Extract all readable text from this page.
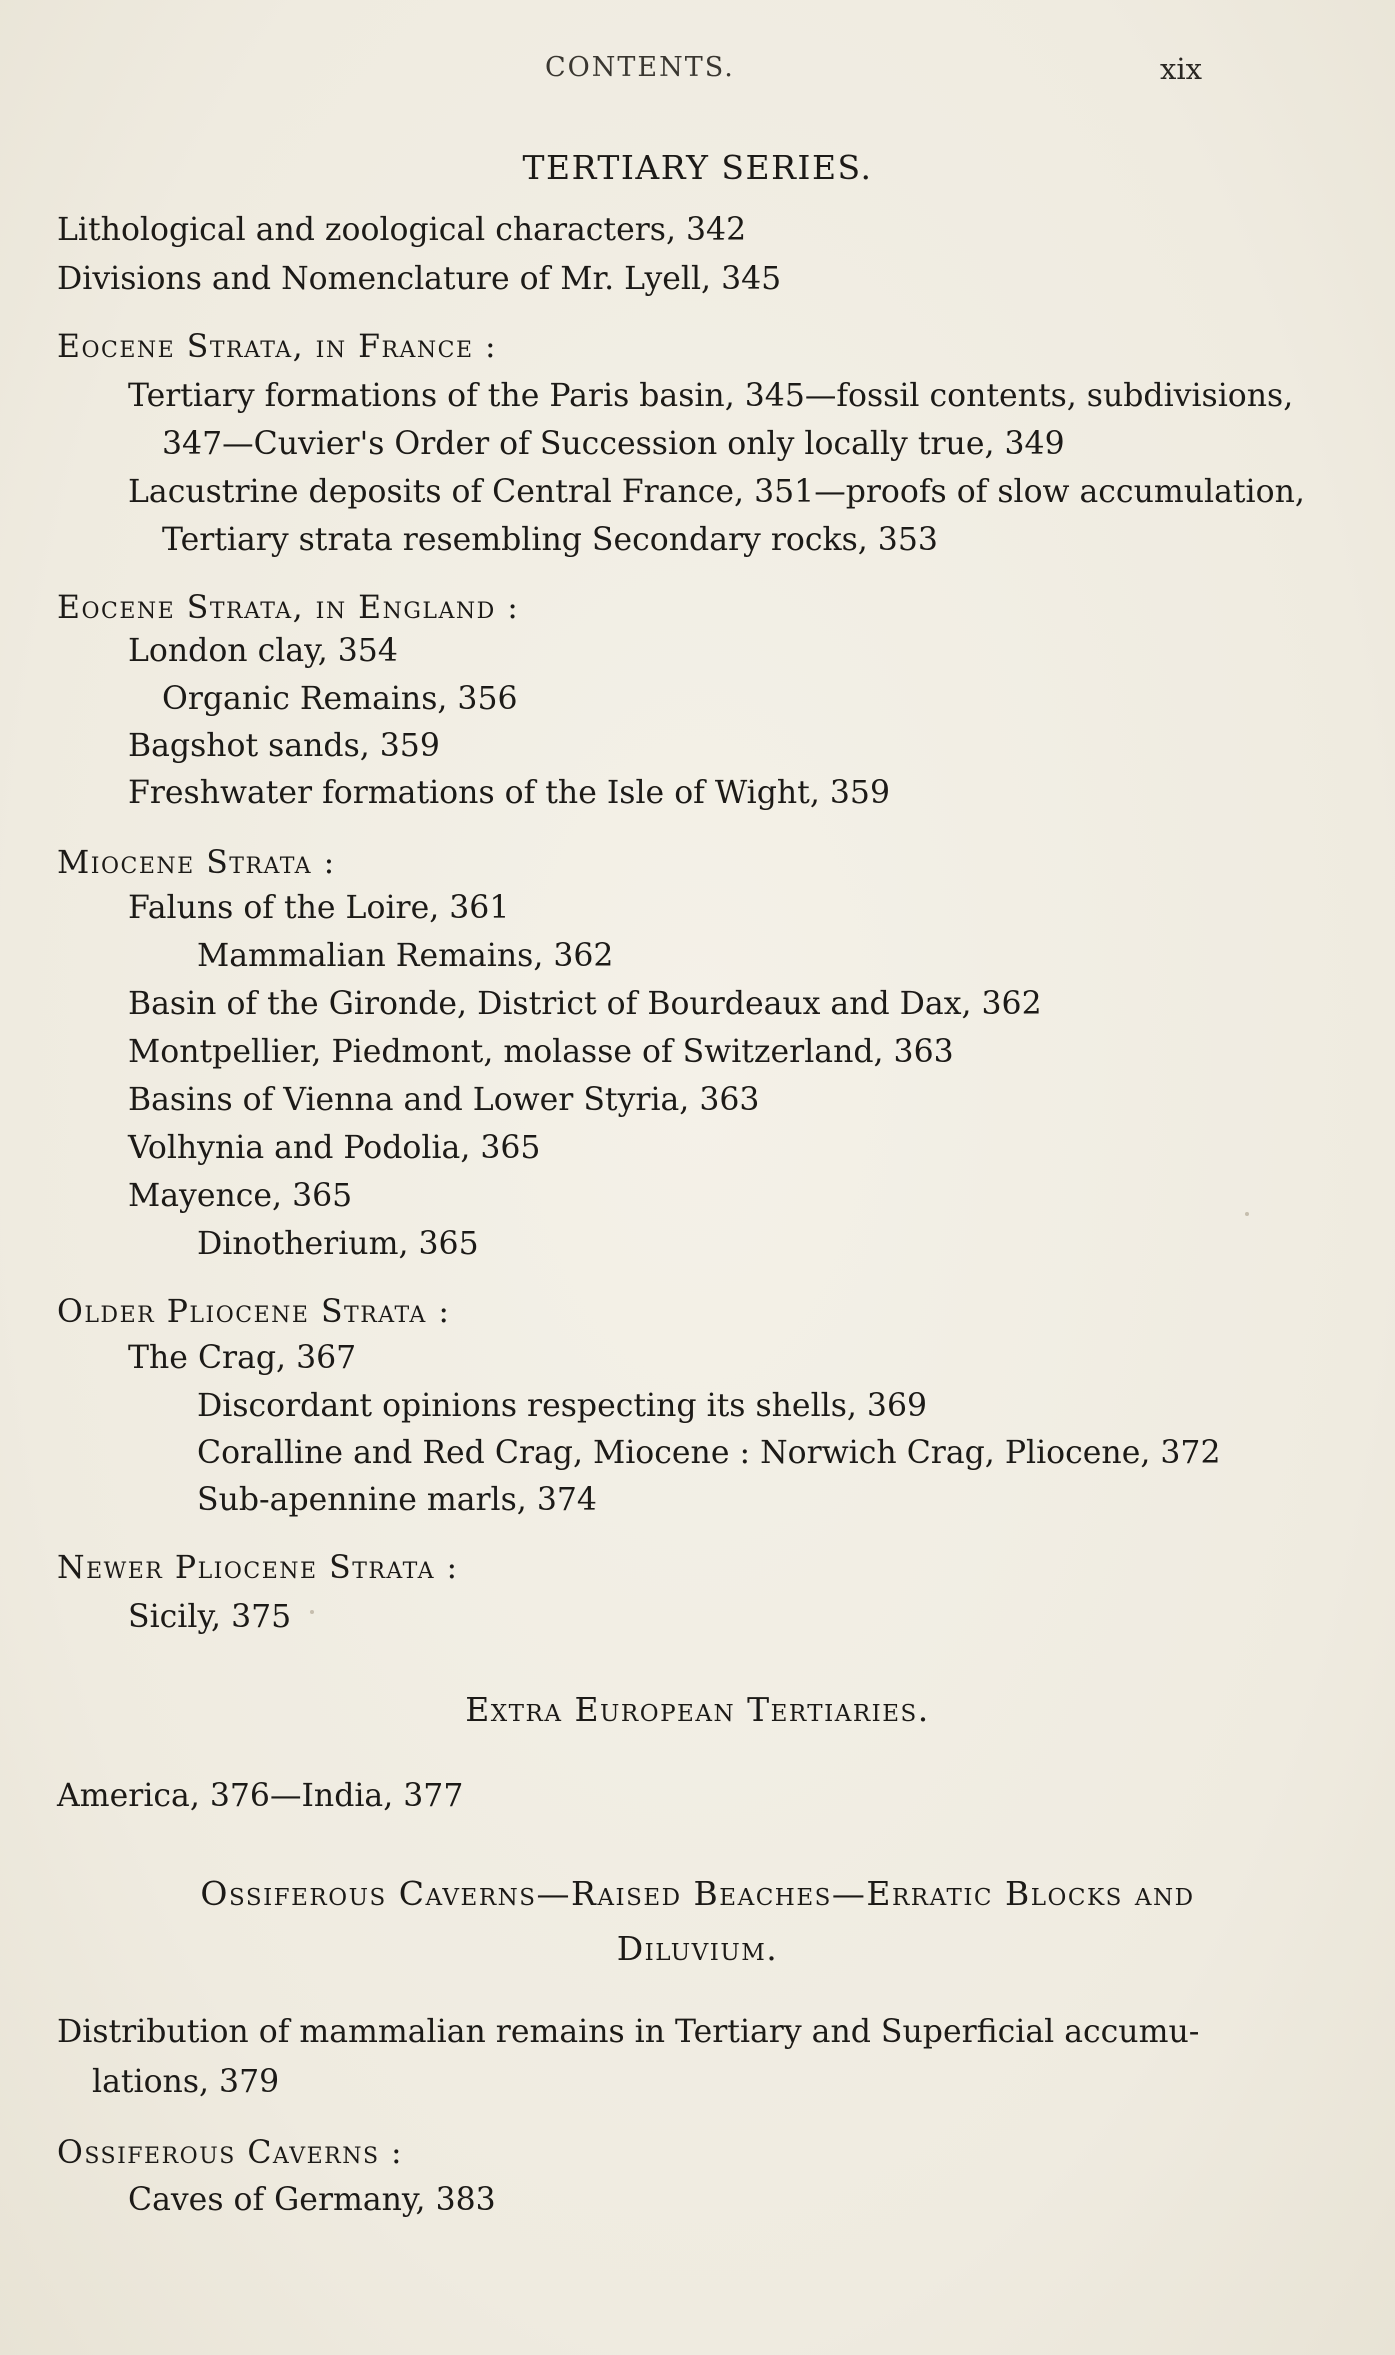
CONTENTS.	xix
TERTIARY SERIES.
Lithological and zoological characters, 342
Divisions and Nomenclature of Mr. Lyell, 345
Eocene Strata, in France :
Tertiary formations of the Paris basin, 345—fossil contents, subdivisions,
347—Cuvier's Order of Succession only locally true, 349
Lacustrine deposits of Central France, 351—proofs of slow accumulation,
Tertiary strata resembling Secondary rocks, 353
Eocene Strata, in England :
London clay, 354
Organic Remains, 356
Bagshot sands, 359
Freshwater formations of the Isle of Wight, 359
Miocene Strata :
Faluns of the Loire, 361
Mammalian Remains, 362
Basin of the Gironde, District of Bourdeaux and Dax, 362
Montpellier, Piedmont, molasse of Switzerland, 363
Basins of Vienna and Lower Styria, 363
Volhynia and Podolia, 365
Mayence, 365
Dinotherium, 365
Older Pliocene Strata :
The Crag, 367
Discordant opinions respecting its shells, 369
Coralline and Red Crag, Miocene : Norwich Crag, Pliocene, 372
Sub-apennine marls, 374
Newer Pliocene Strata :
Sicily, 375
Extra European Tertiaries.
America, 376—India, 377
Ossiferous Caverns—Raised Beaches—Erratic Blocks and
Diluvium.
Distribution of mammalian remains in Tertiary and Superficial accumu-
lations, 379
Ossiferous Caverns :
Caves of Germany, 383
